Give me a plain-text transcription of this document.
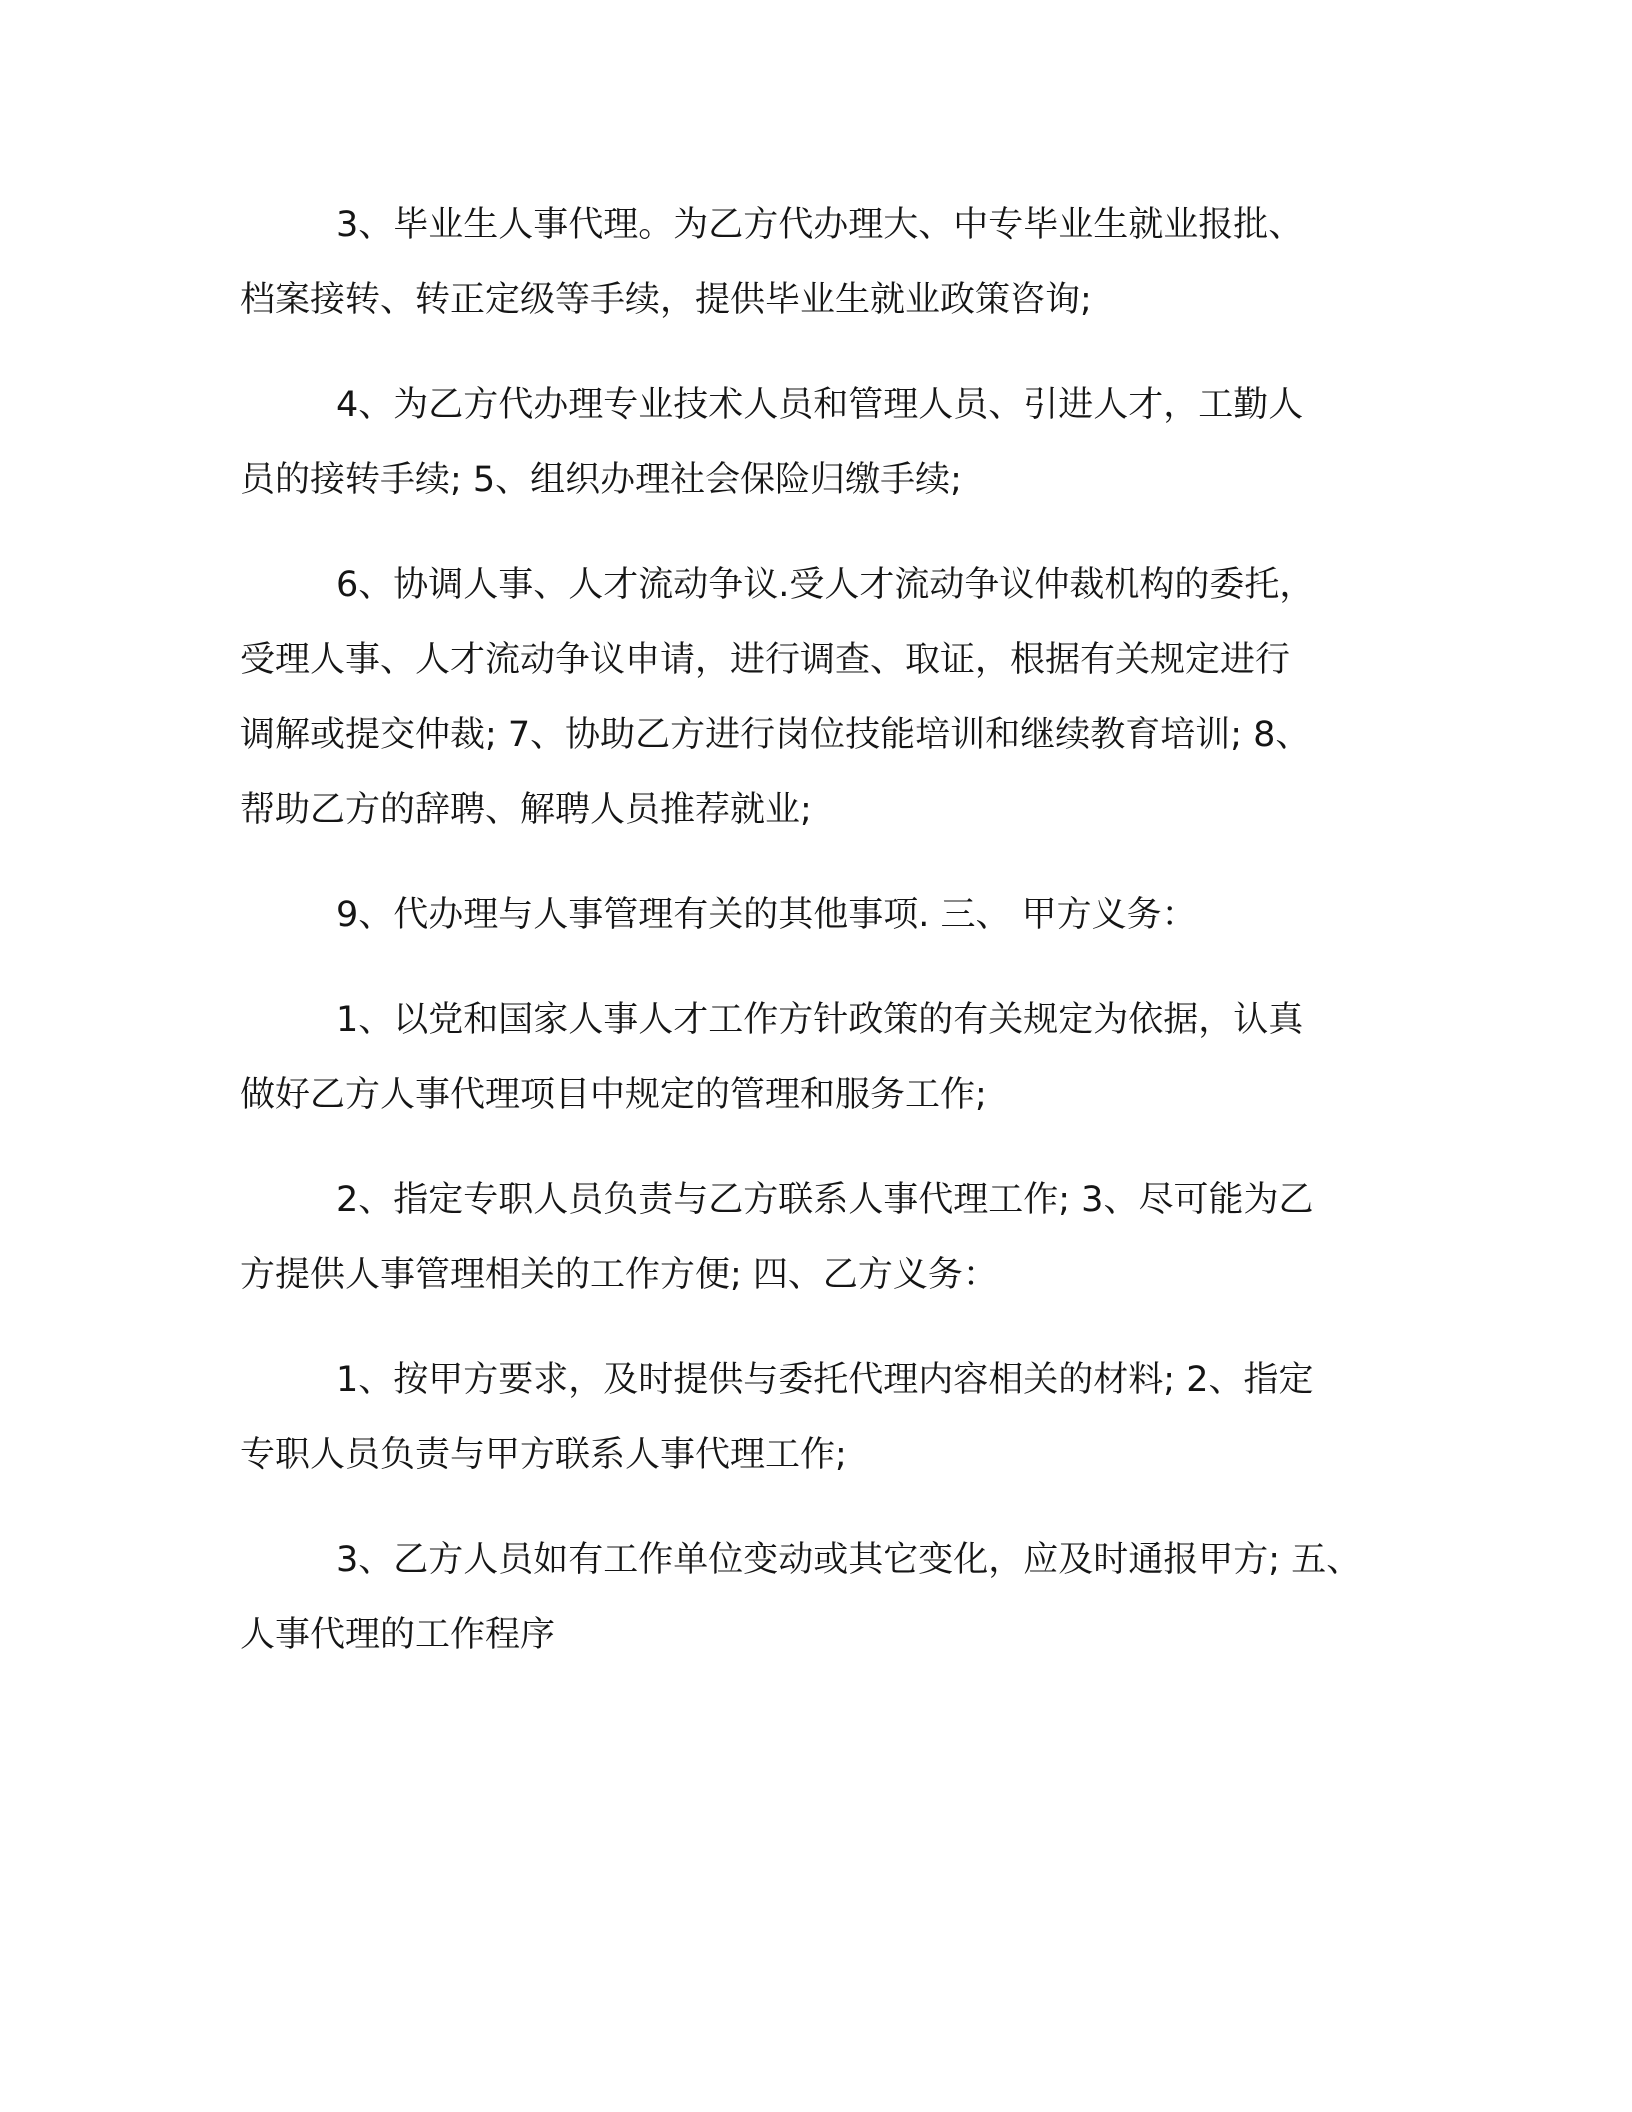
3、毕业生人事代理。为乙方代办理大、中专毕业生就业报批、
档案接转、转正定级等手续，提供毕业生就业政策咨询;

4、为乙方代办理专业技术人员和管理人员、引进人才，工勤人
员的接转手续; 5、组织办理社会保险归缴手续;

6、协调人事、人才流动争议.受人才流动争议仲裁机构的委托，
受理人事、人才流动争议申请，进行调查、取证，根据有关规定进行
调解或提交仲裁; 7、协助乙方进行岗位技能培训和继续教育培训; 8、
帮助乙方的辞聘、解聘人员推荐就业;

9、代办理与人事管理有关的其他事项. 三、 甲方义务：

1、以党和国家人事人才工作方针政策的有关规定为依据，认真
做好乙方人事代理项目中规定的管理和服务工作;

2、指定专职人员负责与乙方联系人事代理工作; 3、尽可能为乙
方提供人事管理相关的工作方便; 四、乙方义务：

1、按甲方要求，及时提供与委托代理内容相关的材料; 2、指定
专职人员负责与甲方联系人事代理工作;

3、乙方人员如有工作单位变动或其它变化，应及时通报甲方; 五、
人事代理的工作程序
